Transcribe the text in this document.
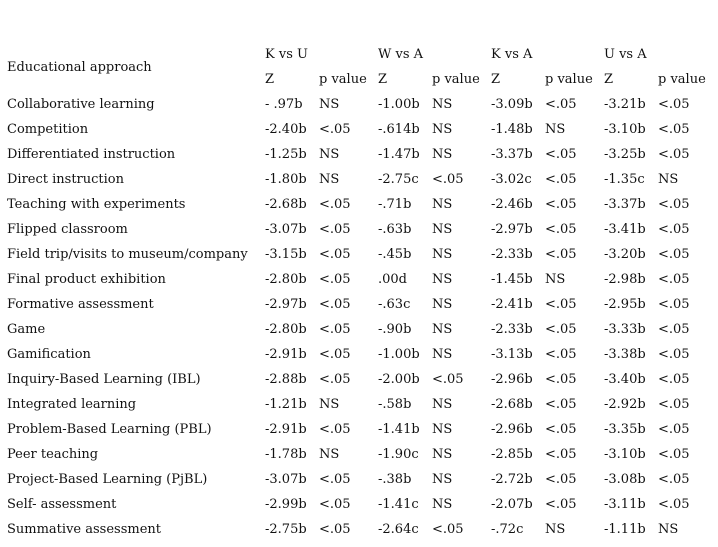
Educational approach	K vs U		W vs A		K vs A		U vs A	
	Z	p value	Z	p value	Z	p value	Z	p value
Collaborative learning	- .97b	NS	-1.00b	NS	-3.09b	<.05	-3.21b	<.05
Competition	-2.40b	<.05	-.614b	NS	-1.48b	NS	-3.10b	<.05
Differentiated instruction	-1.25b	NS	-1.47b	NS	-3.37b	<.05	-3.25b	<.05
Direct instruction	-1.80b	NS	-2.75c	<.05	-3.02c	<.05	-1.35c	NS
Teaching with experiments	-2.68b	<.05	-.71b	NS	-2.46b	<.05	-3.37b	<.05
Flipped classroom	-3.07b	<.05	-.63b	NS	-2.97b	<.05	-3.41b	<.05
Field trip/visits to museum/company	-3.15b	<.05	-.45b	NS	-2.33b	<.05	-3.20b	<.05
Final product exhibition	-2.80b	<.05	.00d	NS	-1.45b	NS	-2.98b	<.05
Formative assessment	-2.97b	<.05	-.63c	NS	-2.41b	<.05	-2.95b	<.05
Game	-2.80b	<.05	-.90b	NS	-2.33b	<.05	-3.33b	<.05
Gamification	-2.91b	<.05	-1.00b	NS	-3.13b	<.05	-3.38b	<.05
Inquiry-Based Learning (IBL)	-2.88b	<.05	-2.00b	<.05	-2.96b	<.05	-3.40b	<.05
Integrated learning	-1.21b	NS	-.58b	NS	-2.68b	<.05	-2.92b	<.05
Problem-Based Learning (PBL)	-2.91b	<.05	-1.41b	NS	-2.96b	<.05	-3.35b	<.05
Peer teaching	-1.78b	NS	-1.90c	NS	-2.85b	<.05	-3.10b	<.05
Project-Based Learning (PjBL)	-3.07b	<.05	-.38b	NS	-2.72b	<.05	-3.08b	<.05
Self- assessment	-2.99b	<.05	-1.41c	NS	-2.07b	<.05	-3.11b	<.05
Summative assessment	-2.75b	<.05	-2.64c	<.05	-.72c	NS	-1.11b	NS
